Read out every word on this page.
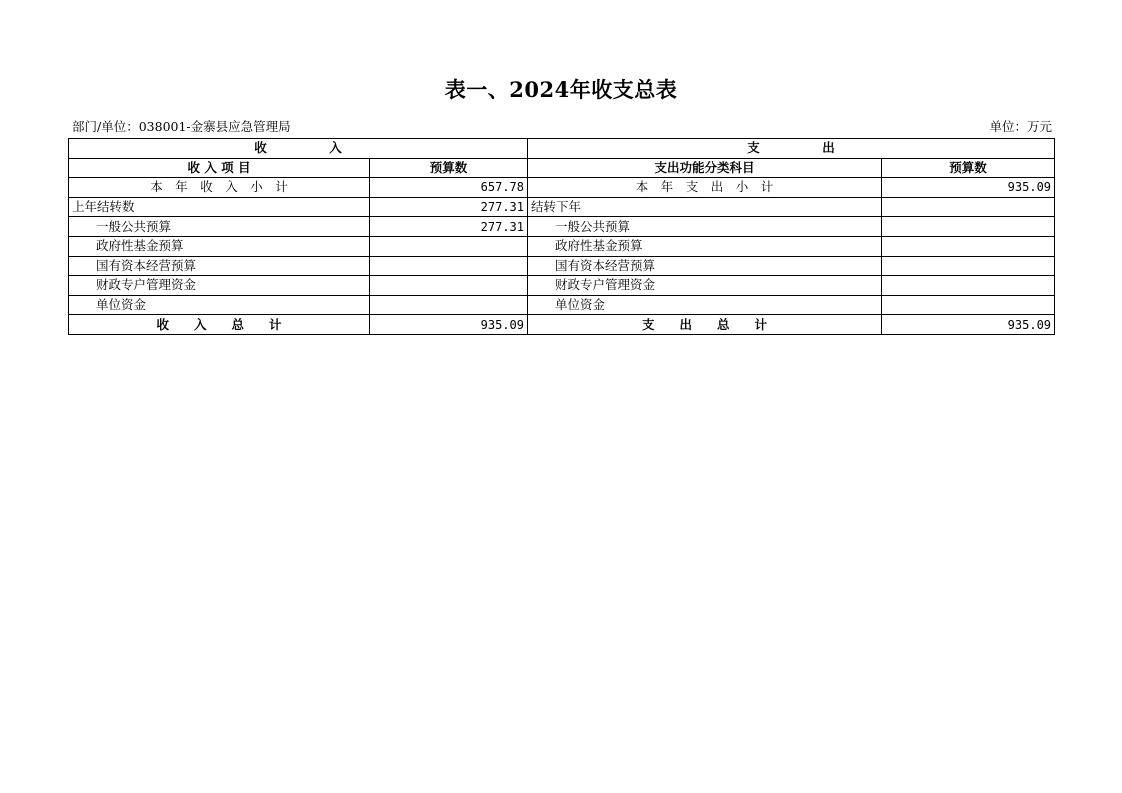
表一、2024年收支总表
部门/单位：038001-金寨县应急管理局	单位：万元
收　　　　　入		支　　　　　出	
收 入 项 目	预算数	支出功能分类科目	预算数
本　年　收　入　小　计	657.78	本　年　支　出　小　计	935.09
上年结转数	277.31	结转下年	
一般公共预算	277.31	一般公共预算	
政府性基金预算		政府性基金预算	
国有资本经营预算		国有资本经营预算	
财政专户管理资金		财政专户管理资金	
单位资金		单位资金	
收　　入　　总　　计	935.09	支　　出　　总　　计	935.09
